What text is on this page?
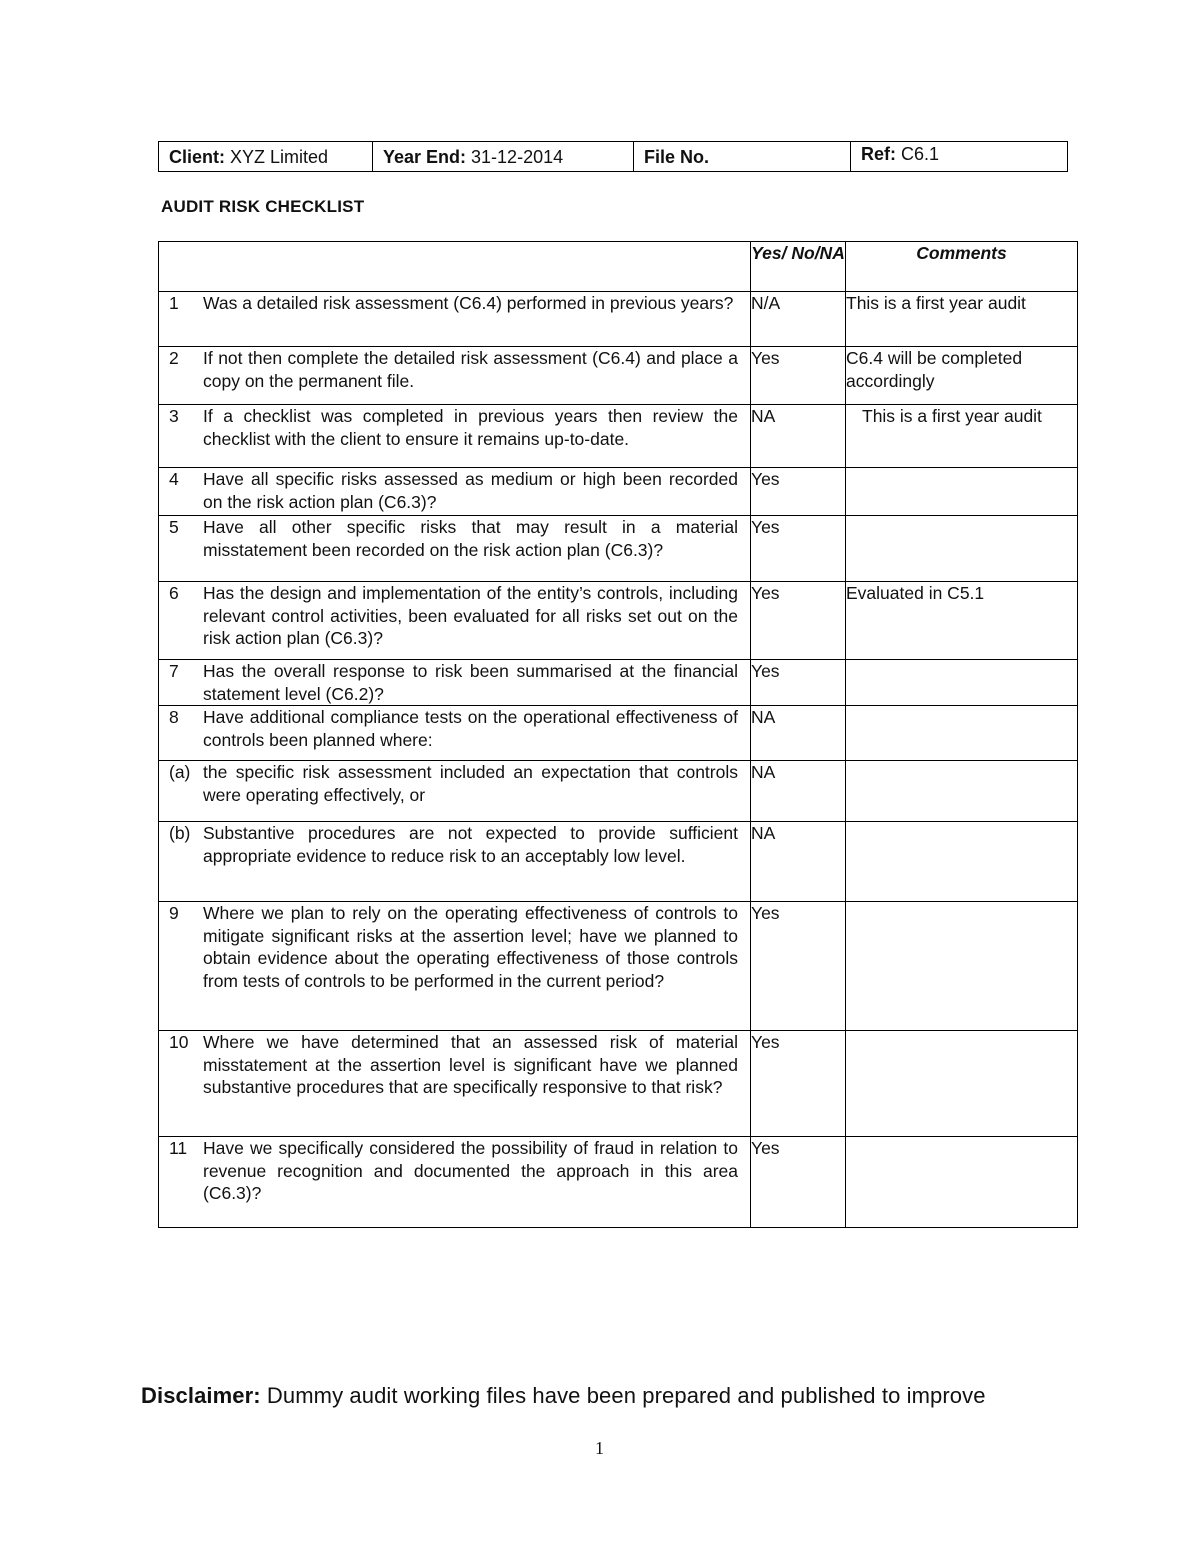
Client: XYZ Limited	Year End: 31-12-2014	File No.	Ref: C6.1
AUDIT RISK CHECKLIST
	Yes/ No/NA	Comments

1 Was a detailed risk assessment (C6.4) performed in previous years?	N/A	This is a first year audit

2 If not then complete the detailed risk assessment (C6.4) and place a copy on the permanent file.	Yes	C6.4 will be completed accordingly

3 If a checklist was completed in previous years then review the checklist with the client to ensure it remains up-to-date.	NA	This is a first year audit

4 Have all specific risks assessed as medium or high been recorded on the risk action plan (C6.3)?	Yes	

5 Have all other specific risks that may result in a material misstatement been recorded on the risk action plan (C6.3)?	Yes	

6 Has the design and implementation of the entity’s controls, including relevant control activities, been evaluated for all risks set out on the risk action plan (C6.3)?	Yes	Evaluated in C5.1

7 Has the overall response to risk been summarised at the financial statement level (C6.2)?	Yes	

8 Have additional compliance tests on the operational effectiveness of controls been planned where:	NA	

(a) the specific risk assessment included an expectation that controls were operating effectively, or	NA	

(b) Substantive procedures are not expected to provide sufficient appropriate evidence to reduce risk to an acceptably low level.	NA	

9 Where we plan to rely on the operating effectiveness of controls to mitigate significant risks at the assertion level; have we planned to obtain evidence about the operating effectiveness of those controls from tests of controls to be performed in the current period?	Yes	

10 Where we have determined that an assessed risk of material misstatement at the assertion level is significant have we planned substantive procedures that are specifically responsive to that risk?	Yes	

11 Have we specifically considered the possibility of fraud in relation to revenue recognition and documented the approach in this area (C6.3)?	Yes	
Disclaimer: Dummy audit working files have been prepared and published to improve
1
